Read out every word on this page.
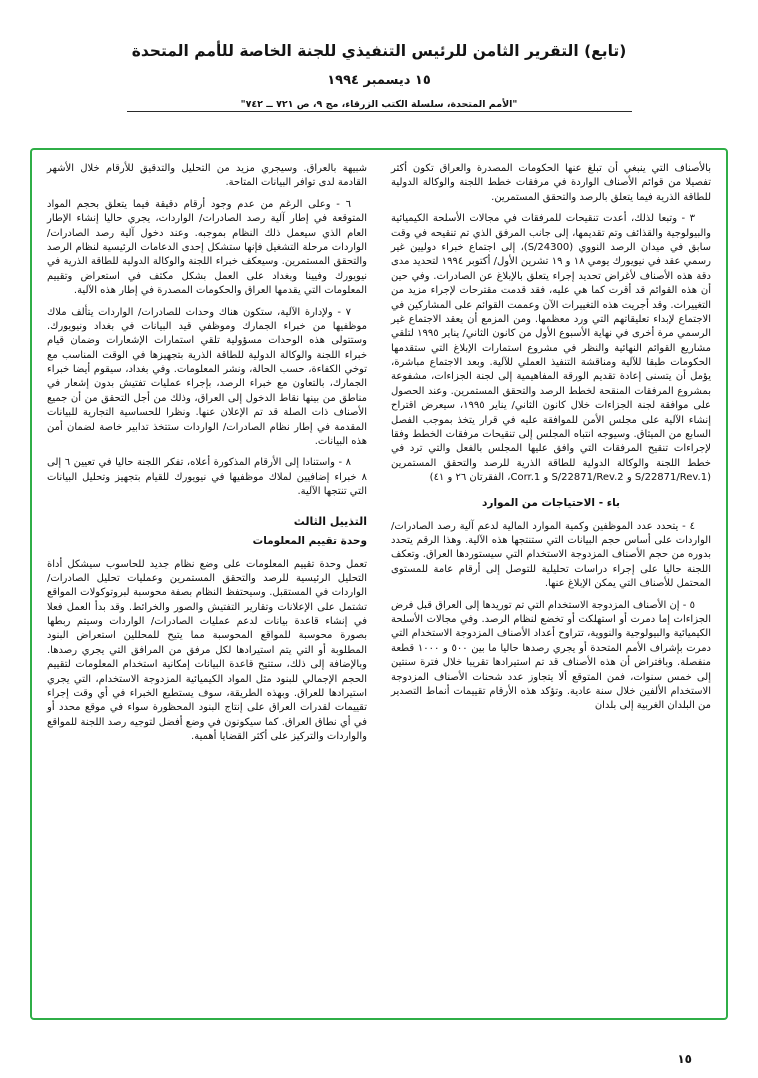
(تابع) التقرير الثامن للرئيس التنفيذي للجنة الخاصة للأمم المتحدة
١٥ ديسمبر ١٩٩٤
"الأمم المتحدة، سلسلة الكتب الزرقاء، مج ٩، ص ٧٢١ ــ ٧٤٢"

بالأصناف التي ينبغي أن تبلغ عنها الحكومات المصدرة والعراق تكون أكثر تفصيلا من قوائم الأصناف الواردة في مرفقات خطط اللجنة والوكالة الدولية للطاقة الذرية فيما يتعلق بالرصد والتحقق المستمرين.

٣ - وتبعا لذلك، أعدت تنقيحات للمرفقات في مجالات الأسلحة الكيميائية والبيولوجية والقذائف وتم تقديمها، إلى جانب المرفق الذي تم تنقيحه في وقت سابق في ميدان الرصد النووي (S/24300)، إلى اجتماع خبراء دوليين غير رسمي عقد في نيويورك يومي ١٨ و ١٩ تشرين الأول/ أكتوبر ١٩٩٤ لتحديد مدى دقة هذه الأصناف لأغراض تحديد إجراء يتعلق بالإبلاغ عن الصادرات. وفي حين أن هذه القوائم قد أقرت كما هي عليه، فقد قدمت مقترحات لإجراء مزيد من التغييرات. وقد أجريت هذه التغييرات الآن وعممت القوائم على المشاركين في الاجتماع لإبداء تعليقاتهم التي ورد معظمها. ومن المزمع أن يعقد الاجتماع غير الرسمي مرة أخرى في نهاية الأسبوع الأول من كانون الثاني/ يناير ١٩٩٥ لتلقي مشاريع القوائم النهائية والنظر في مشروع استمارات الإبلاغ التي ستقدمها الحكومات طبقا للآلية ومناقشة التنفيذ العملي للآلية. وبعد الاجتماع مباشرة، يؤمل أن يتسنى إعادة تقديم الورقة المفاهيمية إلى لجنة الجزاءات، مشفوعة بمشروع المرفقات المنقحة لخطط الرصد والتحقق المستمرين. وعند الحصول على موافقة لجنة الجزاءات خلال كانون الثاني/ يناير ١٩٩٥، سيعرض اقتراح إنشاء الآلية على مجلس الأمن للموافقة عليه في قرار يتخذ بموجب الفصل السابع من الميثاق. وسيوجه انتباه المجلس إلى تنقيحات مرفقات الخطط وفقا لإجراءات تنقيح المرفقات التي وافق عليها المجلس بالفعل والتي ترد في خطط اللجنة والوكالة الدولية للطاقة الذرية للرصد والتحقق المستمرين (S/22871/Rev.1 و S/22871/Rev.2 و Corr.1، الفقرتان ٢٦ و ٤١)

باء - الاحتياجات من الموارد

٤ - يتحدد عدد الموظفين وكمية الموارد المالية لدعم آلية رصد الصادرات/ الواردات على أساس حجم البيانات التي ستنتجها هذه الآلية. وهذا الرقم يتحدد بدوره من حجم الأصناف المزدوجة الاستخدام التي سيستوردها العراق. وتعكف اللجنة حاليا على إجراء دراسات تحليلية للتوصل إلى أرقام عامة للمستوى المحتمل للأصناف التي يمكن الإبلاغ عنها.

٥ - إن الأصناف المزدوجة الاستخدام التي تم توريدها إلى العراق قبل فرض الجزاءات إما دمرت أو استهلكت أو تخضع لنظام الرصد. وفي مجالات الأسلحة الكيميائية والبيولوجية والنووية، تتراوح أعداد الأصناف المزدوجة الاستخدام التي دمرت بإشراف الأمم المتحدة أو يجري رصدها حاليا ما بين ٥٠٠ و ١٠٠٠ قطعة منفصلة. وبافتراض أن هذه الأصناف قد تم استيرادها تقريبا خلال فترة سنتين إلى خمس سنوات، فمن المتوقع ألا يتجاوز عدد شحنات الأصناف المزدوجة الاستخدام الألفين خلال سنة عادية. وتؤكد هذه الأرقام تقييمات أنماط التصدير من البلدان الغربية إلى بلدان

شبيهة بالعراق. وسيجري مزيد من التحليل والتدقيق للأرقام خلال الأشهر القادمة لدى توافر البيانات المتاحة.

٦ - وعلى الرغم من عدم وجود أرقام دقيقة فيما يتعلق بحجم المواد المتوقعة في إطار آلية رصد الصادرات/ الواردات، يجري حاليا إنشاء الإطار العام الذي سيعمل ذلك النظام بموجبه. وعند دخول آلية رصد الصادرات/ الواردات مرحلة التشغيل فإنها ستشكل إحدى الدعامات الرئيسية لنظام الرصد والتحقق المستمرين. وسيعكف خبراء اللجنة والوكالة الدولية للطاقة الذرية في نيويورك وفيينا وبغداد على العمل بشكل مكثف في استعراض وتقييم المعلومات التي يقدمها العراق والحكومات المصدرة في إطار هذه الآلية.

٧ - ولإدارة الآلية، ستكون هناك وحدات للصادرات/ الواردات يتألف ملاك موظفيها من خبراء الجمارك وموظفي قيد البيانات في بغداد ونيويورك. وستتولى هذه الوحدات مسؤولية تلقي استمارات الإشعارات وضمان قيام خبراء اللجنة والوكالة الدولية للطاقة الذرية بتجهيزها في الوقت المناسب مع توخي الكفاءة، حسب الحالة، ونشر المعلومات. وفي بغداد، سيقوم أيضا خبراء الجمارك، بالتعاون مع خبراء الرصد، بإجراء عمليات تفتيش بدون إشعار في مناطق من بينها نقاط الدخول إلى العراق، وذلك من أجل التحقق من أن جميع الأصناف ذات الصلة قد تم الإعلان عنها. ونظرا للحساسية التجارية للبيانات المقدمة في إطار نظام الصادرات/ الواردات ستتخذ تدابير خاصة لضمان أمن هذه البيانات.

٨ - واستنادا إلى الأرقام المذكورة أعلاه، تفكر اللجنة حاليا في تعيين ٦ إلى ٨ خبراء إضافيين لملاك موظفيها في نيويورك للقيام بتجهيز وتحليل البيانات التي تنتجها الآلية.

التذييل الثالث
وحدة تقييم المعلومات

تعمل وحدة تقييم المعلومات على وضع نظام جديد للحاسوب سيشكل أداة التحليل الرئيسية للرصد والتحقق المستمرين وعمليات تحليل الصادرات/ الواردات في المستقبل. وسيحتفظ النظام بصفة محوسبة لبروتوكولات المواقع تشتمل على الإعلانات وتقارير التفتيش والصور والخرائط. وقد بدأ العمل فعلا في إنشاء قاعدة بيانات لدعم عمليات الصادرات/ الواردات وسيتم ربطها بصورة محوسبة للمواقع المحوسبة مما يتيح للمحللين استعراض البنود المطلوبة أو التي يتم استيرادها لكل مرفق من المرافق التي يجري رصدها. وبالإضافة إلى ذلك، ستتيح قاعدة البيانات إمكانية استخدام المعلومات لتقييم الحجم الإجمالي للبنود مثل المواد الكيميائية المزدوجة الاستخدام، التي يجري استيرادها للعراق. وبهذه الطريقة، سوف يستطيع الخبراء في أي وقت إجراء تقييمات لقدرات العراق على إنتاج البنود المحظورة سواء في موقع محدد أو في أي نطاق العراق. كما سيكونون في وضع أفضل لتوجيه رصد اللجنة للمواقع والواردات والتركيز على أكثر القضايا أهمية.

١٥
